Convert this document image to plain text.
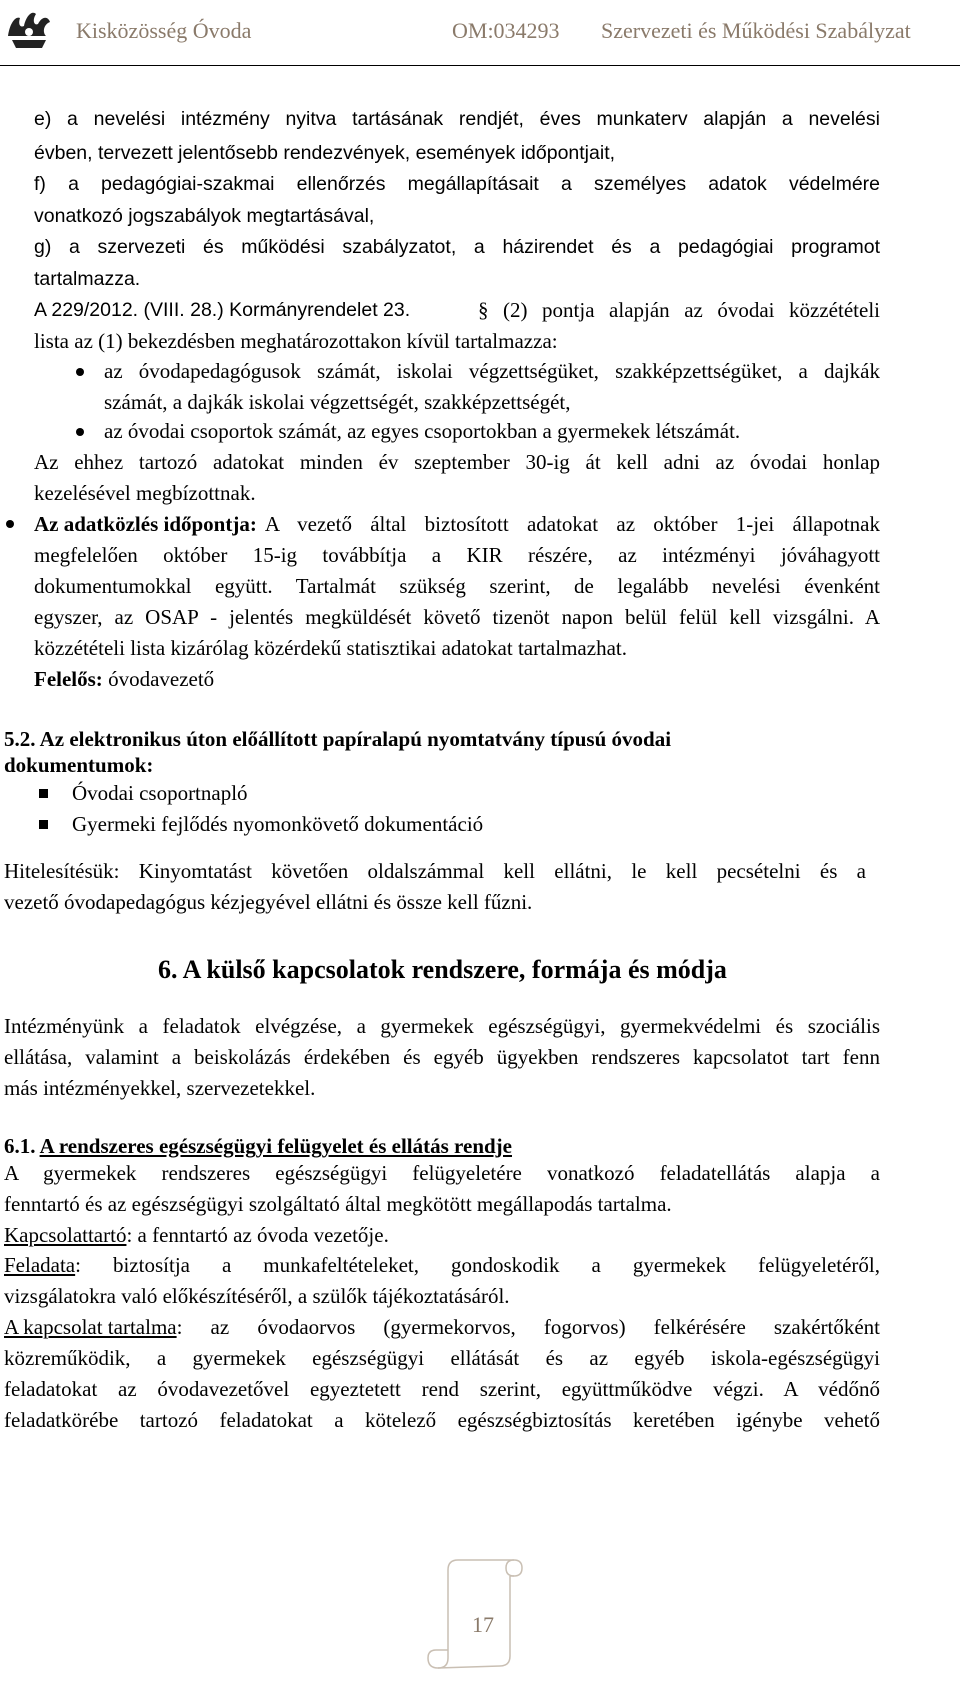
Kisközösség Óvoda	OM:034293 Szervezeti és Működési Szabályzat
e) a nevelési intézmény nyitva tartásának rendjét, éves munkaterv alapján a nevelési
évben, tervezett jelentősebb rendezvények, események időpontjait,
f) a pedagógiai-szakmai ellenőrzés megállapításait a személyes adatok védelmére
vonatkozó jogszabályok megtartásával,
g) a szervezeti és működési szabályzatot, a házirendet és a pedagógiai programot
tartalmazza.
A 229/2012. (VIII. 28.) Kormányrendelet 23.	§ (2) pontja alapján az óvodai közzétételi
lista az (1) bekezdésben meghatározottakon kívül tartalmazza:
az óvodapedagógusok számát, iskolai végzettségüket, szakképzettségüket, a dajkák
számát, a dajkák iskolai végzettségét, szakképzettségét,
az óvodai csoportok számát, az egyes csoportokban a gyermekek létszámát.
Az ehhez tartozó adatokat minden év szeptember 30-ig át kell adni az óvodai honlap
kezelésével megbízottnak.
Az adatközlés időpontja: A vezető által biztosított adatokat az október 1-jei állapotnak
megfelelően október 15-ig továbbítja a KIR részére, az intézményi jóváhagyott
dokumentumokkal együtt. Tartalmát szükség szerint, de legalább nevelési évenként
egyszer, az OSAP - jelentés megküldését követő tizenöt napon belül felül kell vizsgálni. A
közzétételi lista kizárólag közérdekű statisztikai adatokat tartalmazhat.
Felelős: óvodavezető
5.2. Az elektronikus úton előállított papíralapú nyomtatvány típusú óvodai
dokumentumok:
Óvodai csoportnapló
Gyermeki fejlődés nyomonkövető dokumentáció
Hitelesítésük: Kinyomtatást követően oldalszámmal kell ellátni, le kell pecsételni és a
vezető óvodapedagógus kézjegyével ellátni és össze kell fűzni.
6. A külső kapcsolatok rendszere, formája és módja
Intézményünk a feladatok elvégzése, a gyermekek egészségügyi, gyermekvédelmi és szociális
ellátása, valamint a beiskolázás érdekében és egyéb ügyekben rendszeres kapcsolatot tart fenn
más intézményekkel, szervezetekkel.
6.1. A rendszeres egészségügyi felügyelet és ellátás rendje
A gyermekek rendszeres egészségügyi felügyeletére vonatkozó feladatellátás alapja a
fenntartó és az egészségügyi szolgáltató által megkötött megállapodás tartalma.
Kapcsolattartó: a fenntartó az óvoda vezetője.
Feladata : biztosítja a munkafeltételeket, gondoskodik a gyermekek felügyeletéről,
vizsgálatokra való előkészítéséről, a szülők tájékoztatásáról.
A kapcsolat tartalma : az óvodaorvos (gyermekorvos, fogorvos) felkérésére szakértőként
közreműködik, a gyermekek egészségügyi ellátását és az egyéb iskola-egészségügyi
feladatokat az óvodavezetővel egyeztetett rend szerint, együttműködve végzi. A védőnő
feladatkörébe tartozó feladatokat a kötelező egészségbiztosítás keretében igénybe vehető
17
